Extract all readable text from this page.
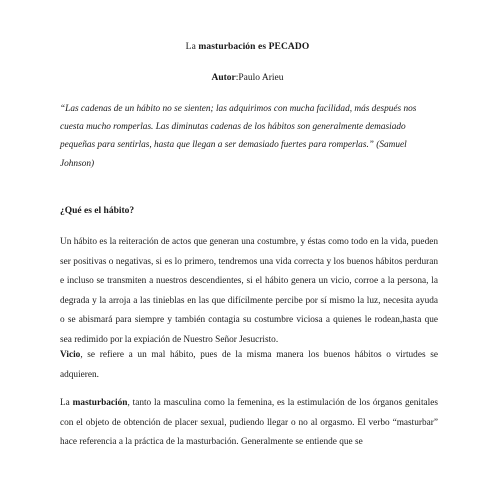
La masturbación es PECADO
Autor:Paulo Arieu
“Las cadenas de un hábito no se sienten; las adquirimos con mucha facilidad, más después nos cuesta mucho romperlas. Las diminutas cadenas de los hábitos son generalmente demasiado pequeñas para sentirlas, hasta que llegan a ser demasiado fuertes para romperlas.” (Samuel Johnson)
¿Qué es el hábito?
Un hábito es la reiteración de actos que generan una costumbre, y éstas como todo en la vida, pueden ser positivas o negativas, si es lo primero, tendremos una vida correcta y los buenos hábitos perduran e incluso se transmiten a nuestros descendientes, si el hábito genera un vicio, corroe a la persona, la degrada y la arroja a las tinieblas en las que difícilmente percibe por sí mismo la luz, necesita ayuda o se abismará para siempre y también contagia su costumbre viciosa a quienes le rodean,hasta que sea redimido por la expiación de Nuestro Señor Jesucristo.
Vicio, se refiere a un mal hábito, pues de la misma manera los buenos hábitos o virtudes se adquieren.
La masturbación, tanto la masculina como la femenina, es la estimulación de los órganos genitales con el objeto de obtención de placer sexual, pudiendo llegar o no al orgasmo. El verbo “masturbar” hace referencia a la práctica de la masturbación. Generalmente se entiende que se
